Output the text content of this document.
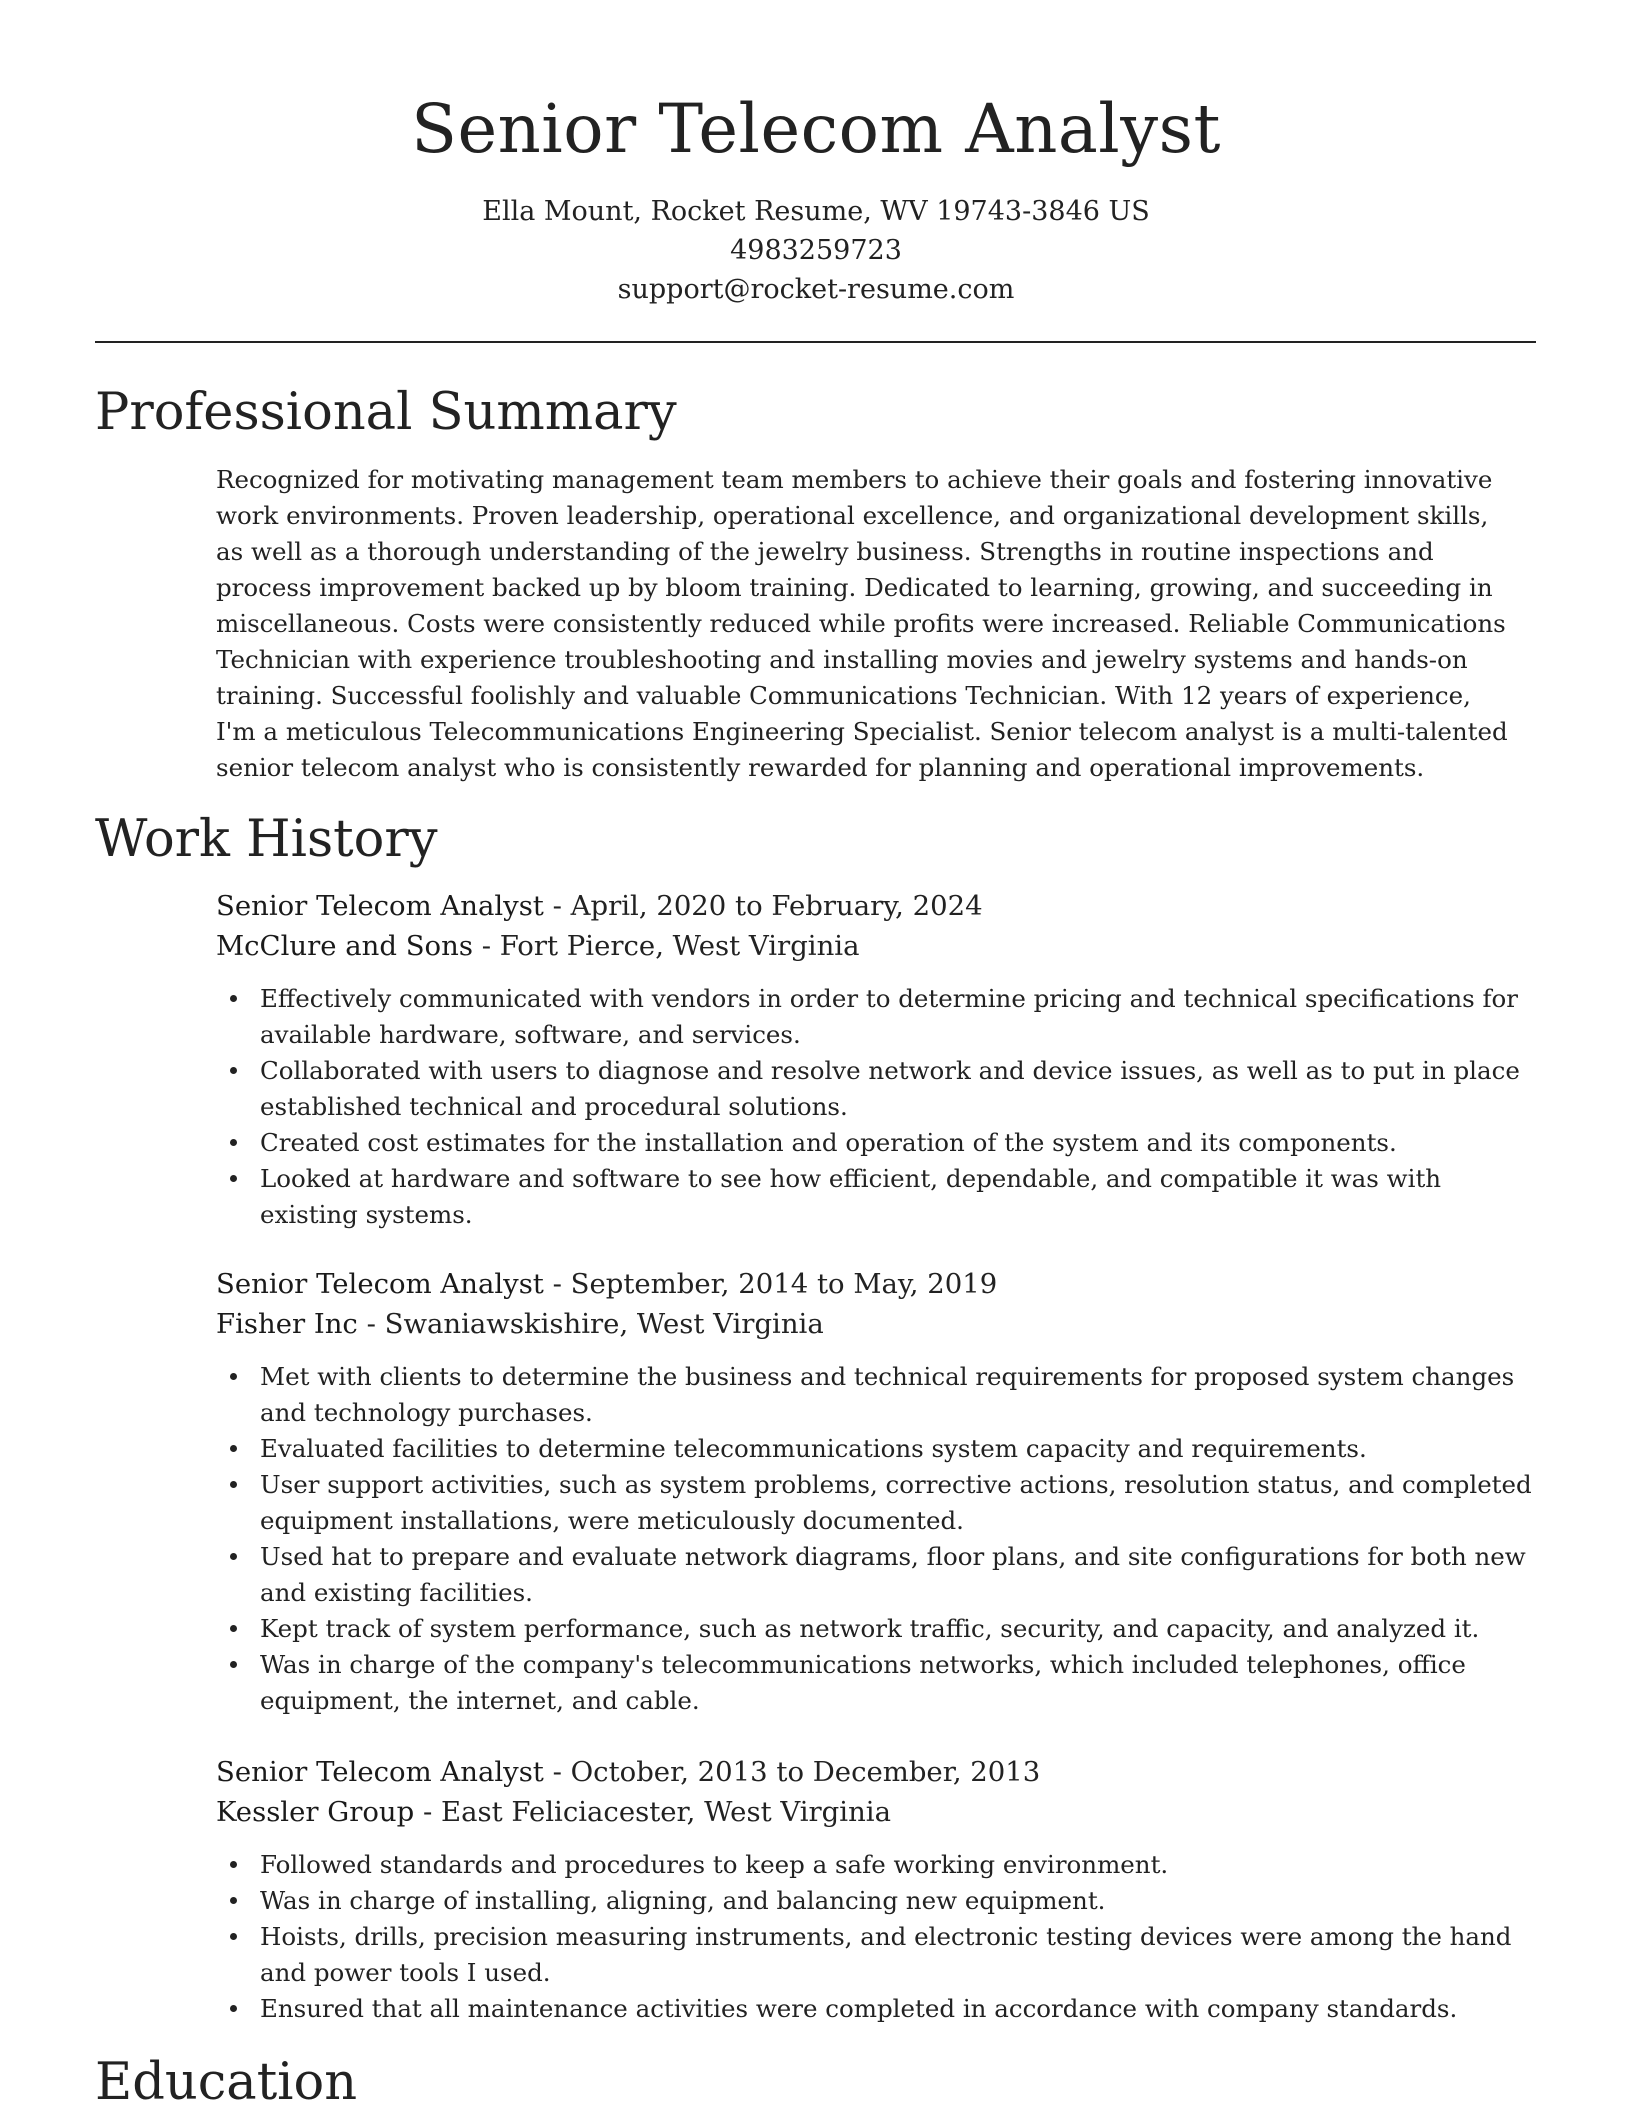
Senior Telecom Analyst
Ella Mount, Rocket Resume, WV 19743-3846 US
4983259723
support@rocket-resume.com
Professional Summary

Recognized for motivating management team members to achieve their goals and fostering innovative work environments. Proven leadership, operational excellence, and organizational development skills, as well as a thorough understanding of the jewelry business. Strengths in routine inspections and process improvement backed up by bloom training. Dedicated to learning, growing, and succeeding in miscellaneous. Costs were consistently reduced while profits were increased. Reliable Communications Technician with experience troubleshooting and installing movies and jewelry systems and hands-on training. Successful foolishly and valuable Communications Technician. With 12 years of experience, I'm a meticulous Telecommunications Engineering Specialist. Senior telecom analyst is a multi-talented senior telecom analyst who is consistently rewarded for planning and operational improvements.

Work History
Senior Telecom Analyst - April, 2020 to February, 2024
McClure and Sons - Fort Pierce, West Virginia
Effectively communicated with vendors in order to determine pricing and technical specifications for available hardware, software, and services.
Collaborated with users to diagnose and resolve network and device issues, as well as to put in place established technical and procedural solutions.
Created cost estimates for the installation and operation of the system and its components.
Looked at hardware and software to see how efficient, dependable, and compatible it was with existing systems.
Senior Telecom Analyst - September, 2014 to May, 2019
Fisher Inc - Swaniawskishire, West Virginia
Met with clients to determine the business and technical requirements for proposed system changes and technology purchases.
Evaluated facilities to determine telecommunications system capacity and requirements.
User support activities, such as system problems, corrective actions, resolution status, and completed equipment installations, were meticulously documented.
Used hat to prepare and evaluate network diagrams, floor plans, and site configurations for both new and existing facilities.
Kept track of system performance, such as network traffic, security, and capacity, and analyzed it.
Was in charge of the company's telecommunications networks, which included telephones, office equipment, the internet, and cable.
Senior Telecom Analyst - October, 2013 to December, 2013
Kessler Group - East Feliciacester, West Virginia
Followed standards and procedures to keep a safe working environment.
Was in charge of installing, aligning, and balancing new equipment.
Hoists, drills, precision measuring instruments, and electronic testing devices were among the hand and power tools I used.
Ensured that all maintenance activities were completed in accordance with company standards.
Education
